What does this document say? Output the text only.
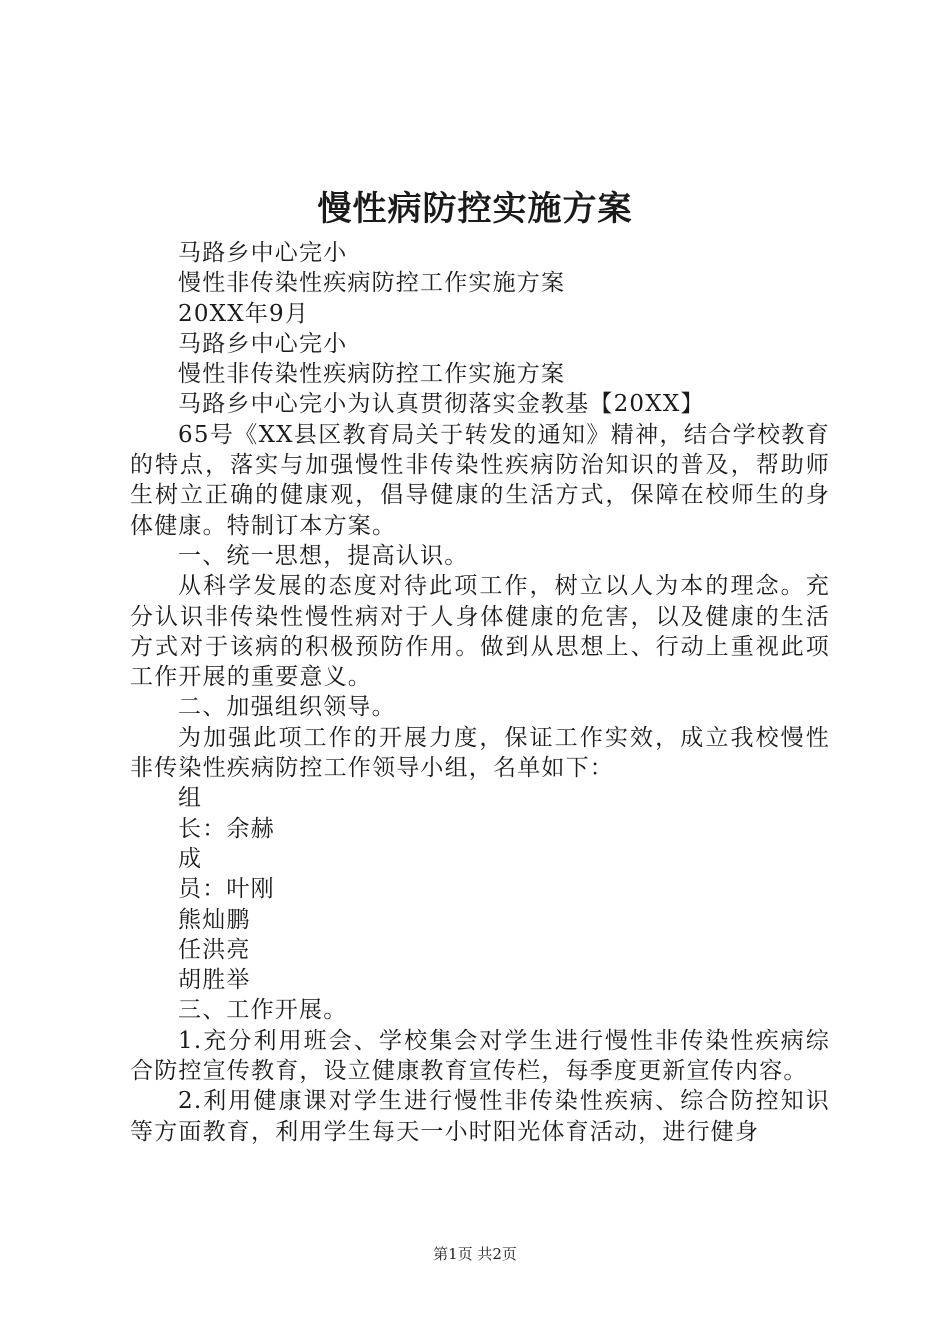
慢性病防控实施方案

马路乡中心完小

慢性非传染性疾病防控工作实施方案

20XX年9月

马路乡中心完小

慢性非传染性疾病防控工作实施方案

马路乡中心完小为认真贯彻落实金教基【20XX】

65号《XX县区教育局关于转发的通知》精神，结合学校教育的特点，落实与加强慢性非传染性疾病防治知识的普及，帮助师生树立正确的健康观，倡导健康的生活方式，保障在校师生的身体健康。特制订本方案。

一、统一思想，提高认识。

从科学发展的态度对待此项工作，树立以人为本的理念。充分认识非传染性慢性病对于人身体健康的危害，以及健康的生活方式对于该病的积极预防作用。做到从思想上、行动上重视此项工作开展的重要意义。

二、加强组织领导。

为加强此项工作的开展力度，保证工作实效，成立我校慢性非传染性疾病防控工作领导小组，名单如下：

组

长：余赫

成

员：叶刚

熊灿鹏

任洪亮

胡胜举

三、工作开展。

1.充分利用班会、学校集会对学生进行慢性非传染性疾病综合防控宣传教育，设立健康教育宣传栏，每季度更新宣传内容。

2.利用健康课对学生进行慢性非传染性疾病、综合防控知识等方面教育，利用学生每天一小时阳光体育活动，进行健身

第1页 共2页
